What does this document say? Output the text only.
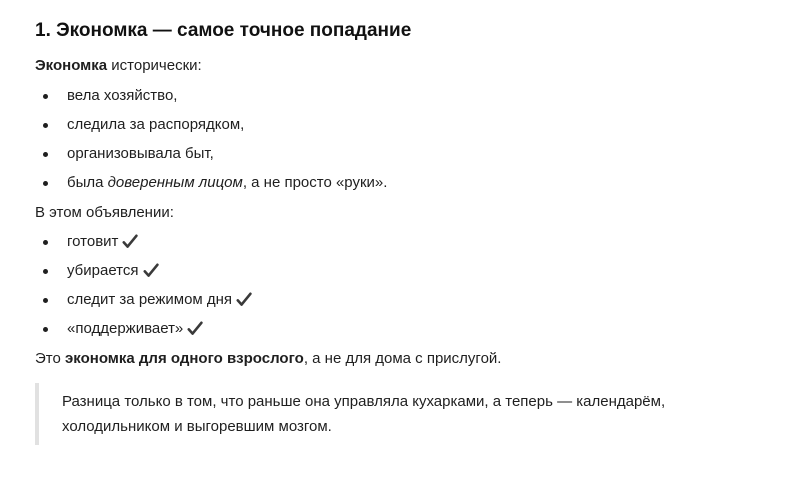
1. Экономка — самое точное попадание

Экономка исторически:

вела хозяйство,
следила за распорядком,
организовывала быт,
была доверенным лицом, а не просто «руки».

В этом объявлении:

готовит
убирается
следит за режимом дня
«поддерживает»

Это экономка для одного взрослого, а не для дома с прислугой.

Разница только в том, что раньше она управляла кухарками, а теперь — календарём,
холодильником и выгоревшим мозгом.
